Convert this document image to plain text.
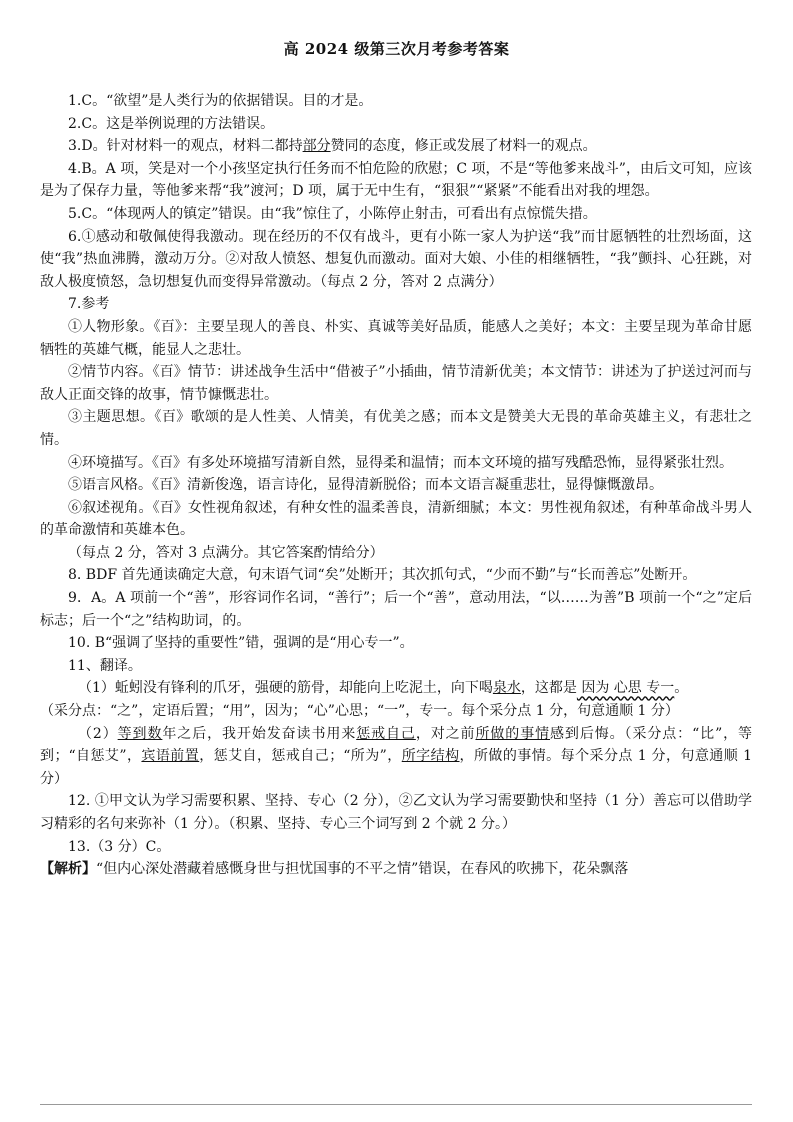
高 2024 级第三次月考参考答案

1.C。“欲望”是人类行为的依据错误。目的才是。

2.C。这是举例说理的方法错误。

3.D。针对材料一的观点，材料二都持部分赞同的态度，修正或发展了材料一的观点。

4.B。A 项，笑是对一个小孩坚定执行任务而不怕危险的欣慰；C 项，不是“等他爹来战斗”，由后文可知，应该是为了保存力量，等他爹来帮“我”渡河；D 项，属于无中生有，“狠狠”“紧紧”不能看出对我的埋怨。

5.C。“体现两人的镇定”错误。由“我”惊住了，小陈停止射击，可看出有点惊慌失措。

6.①感动和敬佩使得我激动。现在经历的不仅有战斗，更有小陈一家人为护送“我”而甘愿牺牲的壮烈场面，这使“我”热血沸腾，激动万分。②对敌人愤怒、想复仇而激动。面对大娘、小佳的相继牺牲，“我”颤抖、心狂跳，对敌人极度愤怒，急切想复仇而变得异常激动。（每点 2 分，答对 2 点满分）

7.参考

①人物形象。《百》：主要呈现人的善良、朴实、真诚等美好品质，能感人之美好；本文：主要呈现为革命甘愿牺牲的英雄气概，能显人之悲壮。

②情节内容。《百》情节：讲述战争生活中“借被子”小插曲，情节清新优美；本文情节：讲述为了护送过河而与敌人正面交锋的故事，情节慷慨悲壮。

③主题思想。《百》歌颂的是人性美、人情美，有优美之感；而本文是赞美大无畏的革命英雄主义，有悲壮之情。

④环境描写。《百》有多处环境描写清新自然，显得柔和温情；而本文环境的描写残酷恐怖，显得紧张壮烈。

⑤语言风格。《百》清新俊逸，语言诗化，显得清新脱俗；而本文语言凝重悲壮，显得慷慨激昂。

⑥叙述视角。《百》女性视角叙述，有种女性的温柔善良，清新细腻；本文：男性视角叙述，有种革命战斗男人的革命激情和英雄本色。

（每点 2 分，答对 3 点满分。其它答案酌情给分）

8. BDF 首先通读确定大意，句末语气词“矣”处断开；其次抓句式，“少而不勤”与“长而善忘”处断开。

9．A。A 项前一个“善”，形容词作名词，“善行”；后一个“善”，意动用法，“以……为善”B 项前一个“之”定后标志；后一个“之”结构助词，的。

10. B“强调了坚持的重要性”错，强调的是“用心专一”。

11、翻译。

（1）蚯蚓没有锋利的爪牙，强硬的筋骨，却能向上吃泥土，向下喝泉水，这都是 因为 心思 专一。

（采分点：“之”，定语后置；“用”，因为；“心”心思；“一”，专一。每个采分点 1 分，句意通顺 1 分）

（2）等到数年之后，我开始发奋读书用来惩戒自己，对之前所做的事情感到后悔。（采分点：“比”，等到；“自惩艾”，宾语前置，惩艾自，惩戒自己；“所为”，所字结构，所做的事情。每个采分点 1 分，句意通顺 1 分）

12. ①甲文认为学习需要积累、坚持、专心（2 分），②乙文认为学习需要勤快和坚持（1 分）善忘可以借助学习精彩的名句来弥补（1 分）。（积累、坚持、专心三个词写到 2 个就 2 分。）

13.（3 分）C。

【解析】“但内心深处潜藏着感慨身世与担忧国事的不平之情”错误，在春风的吹拂下，花朵飘落
